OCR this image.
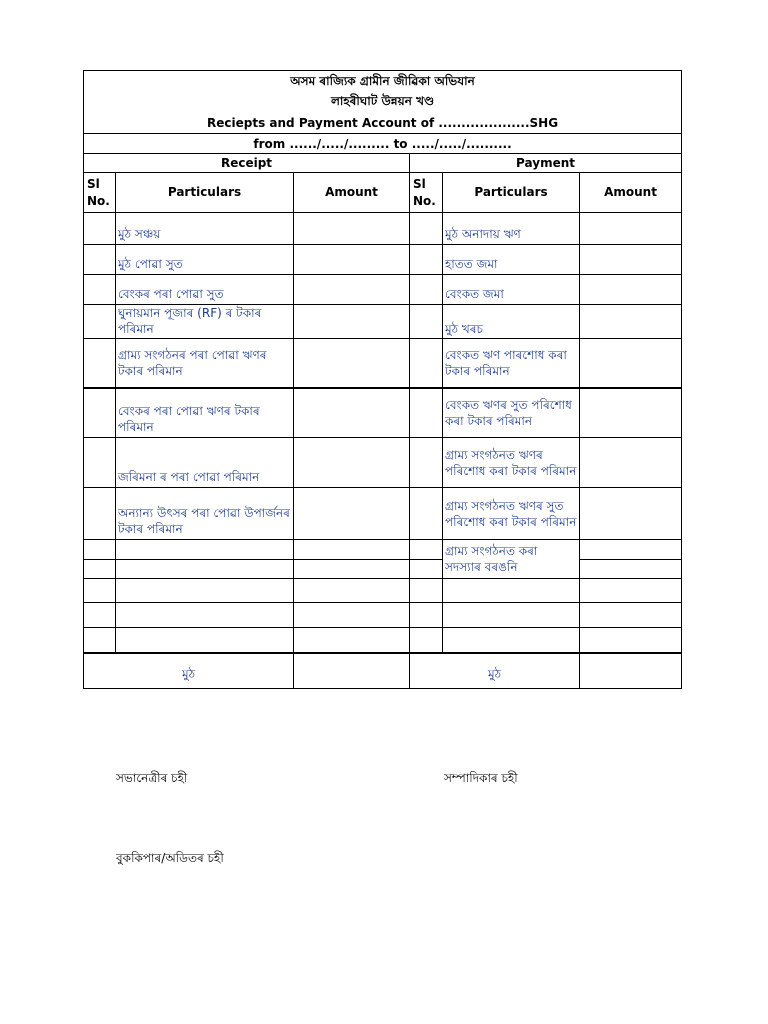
অসম ৰাজ্যিক গ্ৰামীন জীৱিকা অভিযান					
লাহৰীঘাট উন্নয়ন খণ্ড					
Reciepts and Payment Account of ....................SHG					
from ....../...../......... to ...../...../..........					
Receipt			Payment		
Sl No.	Particulars	Amount	Sl No.	Particulars	Amount
	মুঠ সঞ্চয়			মুঠ অনাদায় ঋণ	
	মুঠ পোৱা সুত			হাতত জমা	
	বেংকৰ পৰা পোৱা সুত			বেংকত জমা	
	ঘুনায়মান পূজাৰ (RF) ৰ টকাৰ পৰিমান			মুঠ খৰচ	
	গ্ৰাম্য সংগঠনৰ পৰা পোৱা ঋণৰ টকাৰ পৰিমান			বেংকত ঋণ পাৰশোধ কৰা টকাৰ পৰিমান	
	বেংকৰ পৰা পোৱা ঋণৰ টকাৰ পৰিমান			বেংকত ঋণৰ সুত পৰিশোধ কৰা টকাৰ পৰিমান	
	জৰিমনা ৰ পৰা পোৱা পৰিমান			গ্ৰাম্য সংগঠনত ঋণৰ পৰিশোধ কৰা টকাৰ পৰিমান	
	অন্যান্য উৎসৰ পৰা পোৱা উপাৰ্জনৰ টকাৰ পৰিমান			গ্ৰাম্য সংগঠনত ঋণৰ সুত পৰিশোধ কৰা টকাৰ পৰিমান	
				গ্ৰাম্য সংগঠনত কৰা সদস্যাৰ বৰঙনি	

মুঠ			মুঠ		
সভানেত্ৰীৰ চহী	সম্পাদিকাৰ চহী
বুককিপাৰ/অডিতৰ চহী
